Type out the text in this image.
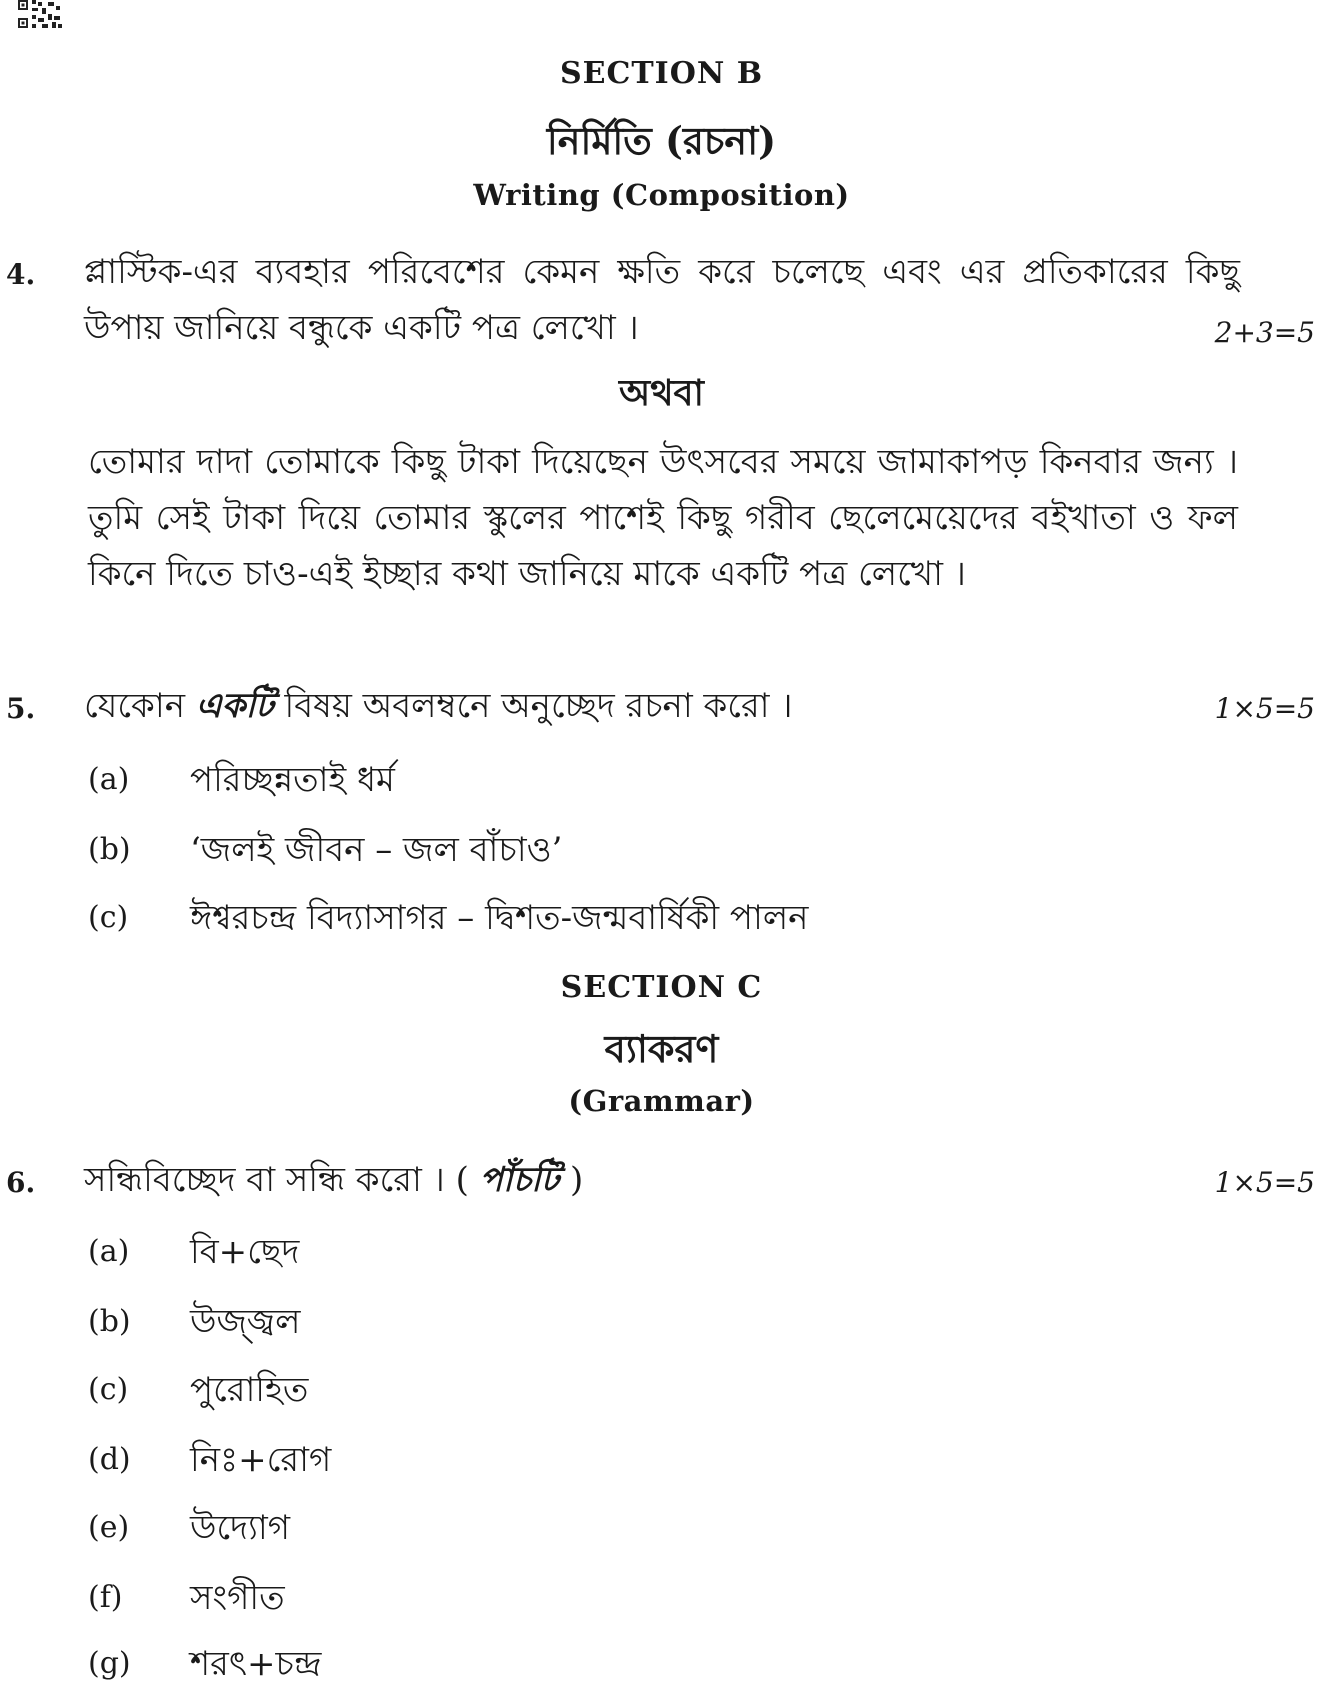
SECTION B
নির্মিতি (রচনা)
Writing (Composition)
4. প্লাস্টিক-এর ব্যবহার পরিবেশের কেমন ক্ষতি করে চলেছে এবং এর প্রতিকারের কিছু উপায় জানিয়ে বন্ধুকে একটি পত্র লেখো ।	2+3=5
অথবা
তোমার দাদা তোমাকে কিছু টাকা দিয়েছেন উৎসবের সময়ে জামাকাপড় কিনবার জন্য । তুমি সেই টাকা দিয়ে তোমার স্কুলের পাশেই কিছু গরীব ছেলেমেয়েদের বইখাতা ও ফল কিনে দিতে চাও-এই ইচ্ছার কথা জানিয়ে মাকে একটি পত্র লেখো ।
5. যেকোন একটি বিষয় অবলম্বনে অনুচ্ছেদ রচনা করো ।	1×5=5
(a) পরিচ্ছন্নতাই ধর্ম
(b) ‘জলই জীবন – জল বাঁচাও’
(c) ঈশ্বরচন্দ্র বিদ্যাসাগর – দ্বিশত-জন্মবার্ষিকী পালন
SECTION C
ব্যাকরণ
(Grammar)
6. সন্ধিবিচ্ছেদ বা সন্ধি করো । ( পাঁচটি )	1×5=5
(a) বি+ছেদ
(b) উজ্জ্বল
(c) পুরোহিত
(d) নিঃ+রোগ
(e) উদ্যোগ
(f) সংগীত
(g) শরৎ+চন্দ্র
